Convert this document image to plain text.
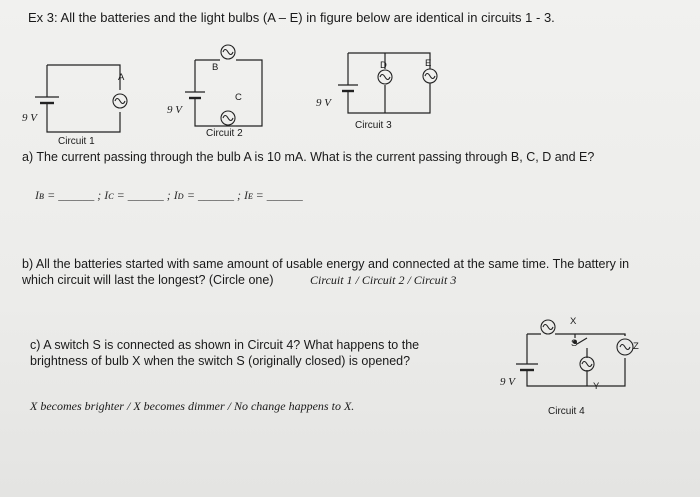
Ex 3: All the batteries and the light bulbs (A – E) in figure below are identical in circuits 1 - 3.
A
9 V
Circuit 1
B
C
9 V
Circuit 2
D	E
9 V
Circuit 3
a) The current passing through the bulb A is 10 mA. What is the current passing through B, C, D and E?
Iʙ = ______ ; Iᴄ = ______ ; Iᴅ = ______ ; Iᴇ = ______
b) All the batteries started with same amount of usable energy and connected at the same time. The battery in
which circuit will last the longest? (Circle one)	Circuit 1 / Circuit 2 / Circuit 3
c) A switch S is connected as shown in Circuit 4? What happens to the
brightness of bulb X when the switch S (originally closed) is opened?
X becomes brighter / X becomes dimmer / No change happens to X.
X
S
Y
Z
9 V
Circuit 4
